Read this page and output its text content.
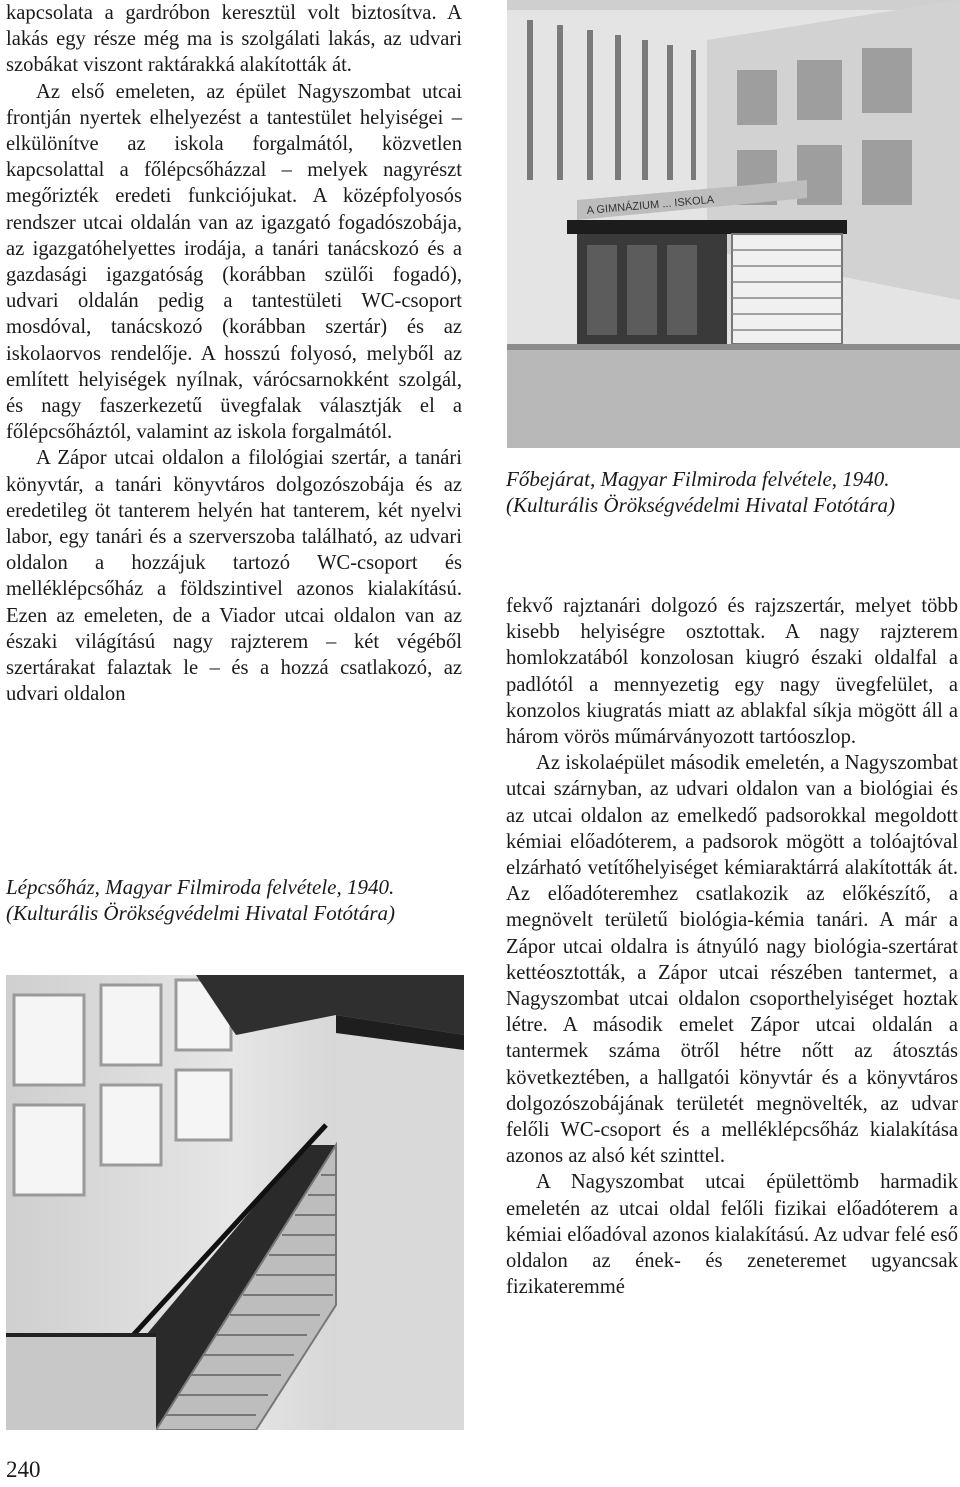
kapcsolata a gardróbon keresztül volt biztosítva. A lakás egy része még ma is szolgálati lakás, az udvari szobákat viszont raktárakká alakították át.

Az első emeleten, az épület Nagyszombat utcai frontján nyertek elhelyezést a tantestület helyiségei – elkülönítve az iskola forgalmától, közvetlen kapcsolattal a főlépcsőházzal – melyek nagyrészt megőrizték eredeti funkciójukat. A középfolyosós rendszer utcai oldalán van az igazgató fogadószobája, az igazgatóhelyettes irodája, a tanári tanácskozó és a gazdasági igazgatóság (korábban szülői fogadó), udvari oldalán pedig a tantestületi WC-csoport mosdóval, tanácskozó (korábban szertár) és az iskolaorvos rendelője. A hosszú folyosó, melyből az említett helyiségek nyílnak, várócsarnokként szolgál, és nagy faszerkezetű üvegfalak választják el a főlépcsőháztól, valamint az iskola forgalmától.

A Zápor utcai oldalon a filológiai szertár, a tanári könyvtár, a tanári könyvtáros dolgozószobája és az eredetileg öt tanterem helyén hat tanterem, két nyelvi labor, egy tanári és a szerverszoba található, az udvari oldalon a hozzájuk tartozó WC-csoport és melléklépcsőház a földszintivel azonos kialakítású. Ezen az emeleten, de a Viador utcai oldalon van az északi világítású nagy rajzterem – két végéből szertárakat falaztak le – és a hozzá csatlakozó, az udvari oldalon

Lépcsőház, Magyar Filmiroda felvétele, 1940. (Kulturális Örökségvédelmi Hivatal Fotótára)
A GIMNÁZIUM ... ISKOLA
Főbejárat, Magyar Filmiroda felvétele, 1940. (Kulturális Örökségvédelmi Hivatal Fotótára)

fekvő rajztanári dolgozó és rajzszertár, melyet több kisebb helyiségre osztottak. A nagy rajzterem homlokzatából konzolosan kiugró északi oldalfal a padlótól a mennyezetig egy nagy üvegfelület, a konzolos kiugratás miatt az ablakfal síkja mögött áll a három vörös műmárványozott tartóoszlop.

Az iskolaépület második emeletén, a Nagyszombat utcai szárnyban, az udvari oldalon van a biológiai és az utcai oldalon az emelkedő padsorokkal megoldott kémiai előadóterem, a padsorok mögött a tolóajtóval elzárható vetítőhelyiséget kémiaraktárrá alakították át. Az előadóteremhez csatlakozik az előkészítő, a megnövelt területű biológia-kémia tanári. A már a Zápor utcai oldalra is átnyúló nagy biológia-szertárat kettéosztották, a Zápor utcai részében tantermet, a Nagyszombat utcai oldalon csoporthelyiséget hoztak létre. A második emelet Zápor utcai oldalán a tantermek száma ötről hétre nőtt az átosztás következtében, a hallgatói könyvtár és a könyvtáros dolgozószobájának területét megnövelték, az udvar felőli WC-csoport és a melléklépcsőház kialakítása azonos az alsó két szinttel.

A Nagyszombat utcai épülettömb harmadik emeletén az utcai oldal felőli fizikai előadóterem a kémiai előadóval azonos kialakítású. Az udvar felé eső oldalon az ének- és zeneteremet ugyancsak fizikateremmé

240
